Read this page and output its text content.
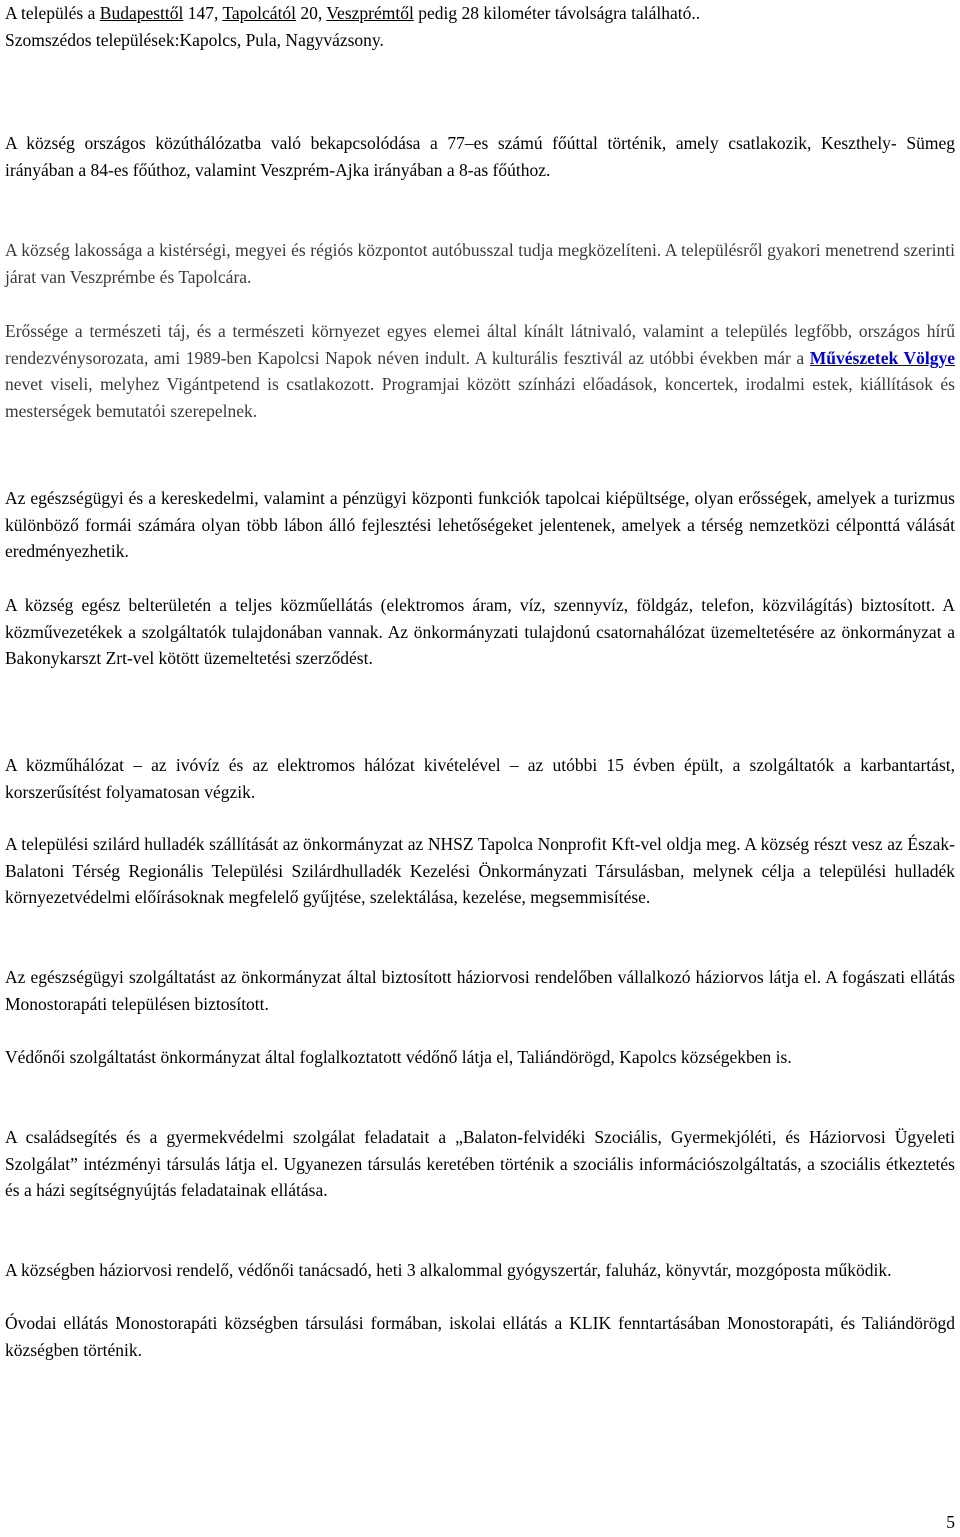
A település a Budapesttől 147, Tapolcától 20, Veszprémtől pedig 28 kilométer távolságra található..
Szomszédos települések:Kapolcs, Pula, Nagyvázsony.

A község országos közúthálózatba való bekapcsolódása a 77–es számú főúttal történik, amely csatlakozik, Keszthely- Sümeg irányában a 84-es főúthoz, valamint Veszprém-Ajka irányában a 8-as főúthoz.

A község lakossága a kistérségi, megyei és régiós központot autóbusszal tudja megközelíteni. A településről gyakori menetrend szerinti járat van Veszprémbe és Tapolcára.

Erőssége a természeti táj, és a természeti környezet egyes elemei által kínált látnivaló, valamint a település legfőbb, országos hírű rendezvénysorozata, ami 1989-ben Kapolcsi Napok néven indult. A kulturális fesztivál az utóbbi években már a Művészetek Völgye nevet viseli, melyhez Vigántpetend is csatlakozott. Programjai között színházi előadások, koncertek, irodalmi estek, kiállítások és mesterségek bemutatói szerepelnek.

Az egészségügyi és a kereskedelmi, valamint a pénzügyi központi funkciók tapolcai kiépültsége, olyan erősségek, amelyek a turizmus különböző formái számára olyan több lábon álló fejlesztési lehetőségeket jelentenek, amelyek a térség nemzetközi célponttá válását eredményezhetik.

A község egész belterületén a teljes közműellátás (elektromos áram, víz, szennyvíz, földgáz, telefon, közvilágítás) biztosított. A közművezetékek a szolgáltatók tulajdonában vannak. Az önkormányzati tulajdonú csatornahálózat üzemeltetésére az önkormányzat a Bakonykarszt Zrt-vel kötött üzemeltetési szerződést.

A közműhálózat – az ivóvíz és az elektromos hálózat kivételével – az utóbbi 15 évben épült, a szolgáltatók a karbantartást, korszerűsítést folyamatosan végzik.

A települési szilárd hulladék szállítását az önkormányzat az NHSZ Tapolca Nonprofit Kft-vel oldja meg. A község részt vesz az Észak-Balatoni Térség Regionális Települési Szilárdhulladék Kezelési Önkormányzati Társulásban, melynek célja a települési hulladék környezetvédelmi előírásoknak megfelelő gyűjtése, szelektálása, kezelése, megsemmisítése.

Az egészségügyi szolgáltatást az önkormányzat által biztosított háziorvosi rendelőben vállalkozó háziorvos látja el. A fogászati ellátás Monostorapáti településen biztosított.

Védőnői szolgáltatást önkormányzat által foglalkoztatott védőnő látja el, Taliándörögd, Kapolcs községekben is.

A családsegítés és a gyermekvédelmi szolgálat feladatait a „Balaton-felvidéki Szociális, Gyermekjóléti, és Háziorvosi Ügyeleti Szolgálat” intézményi társulás látja el. Ugyanezen társulás keretében történik a szociális információszolgáltatás, a szociális étkeztetés és a házi segítségnyújtás feladatainak ellátása.

A községben háziorvosi rendelő, védőnői tanácsadó, heti 3 alkalommal gyógyszertár, faluház, könyvtár, mozgóposta működik.

Óvodai ellátás Monostorapáti községben társulási formában, iskolai ellátás a KLIK fenntartásában Monostorapáti, és Taliándörögd községben történik.

5
